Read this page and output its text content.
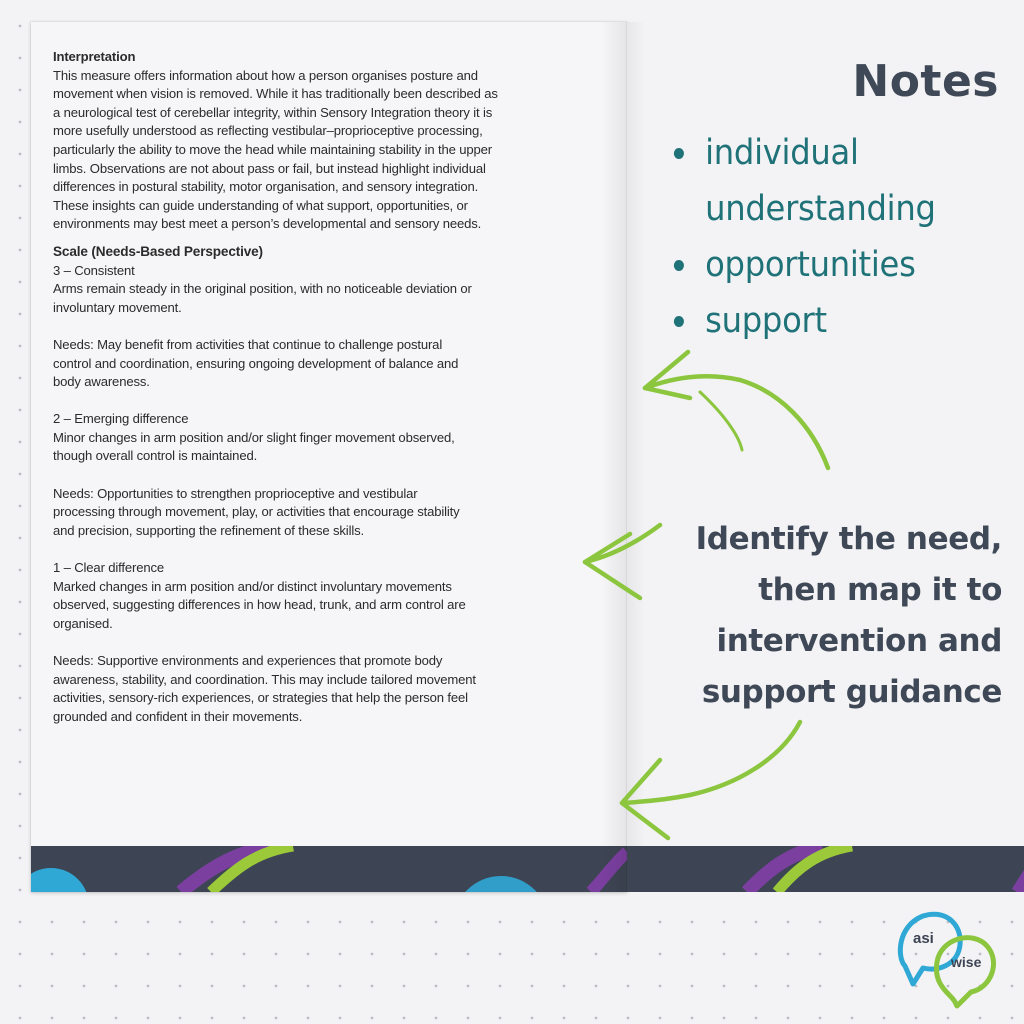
Interpretation

This measure offers information about how a person organises posture and

movement when vision is removed. While it has traditionally been described as

a neurological test of cerebellar integrity, within Sensory Integration theory it is

more usefully understood as reflecting vestibular–proprioceptive processing,

particularly the ability to move the head while maintaining stability in the upper

limbs. Observations are not about pass or fail, but instead highlight individual

differences in postural stability, motor organisation, and sensory integration.

These insights can guide understanding of what support, opportunities, or

environments may best meet a person’s developmental and sensory needs.

Scale (Needs-Based Perspective)

3 – Consistent

Arms remain steady in the original position, with no noticeable deviation or

involuntary movement.

Needs: May benefit from activities that continue to challenge postural

control and coordination, ensuring ongoing development of balance and

body awareness.

2 – Emerging difference

Minor changes in arm position and/or slight finger movement observed,

though overall control is maintained.

Needs: Opportunities to strengthen proprioceptive and vestibular

processing through movement, play, or activities that encourage stability

and precision, supporting the refinement of these skills.

1 – Clear difference

Marked changes in arm position and/or distinct involuntary movements

observed, suggesting differences in how head, trunk, and arm control are

organised.

Needs: Supportive environments and experiences that promote body

awareness, stability, and coordination. This may include tailored movement

activities, sensory-rich experiences, or strategies that help the person feel

grounded and confident in their movements.

Notes
individual
understanding
opportunities
support
Identify the need,
then map it to
intervention and
support guidance
asi
wise
